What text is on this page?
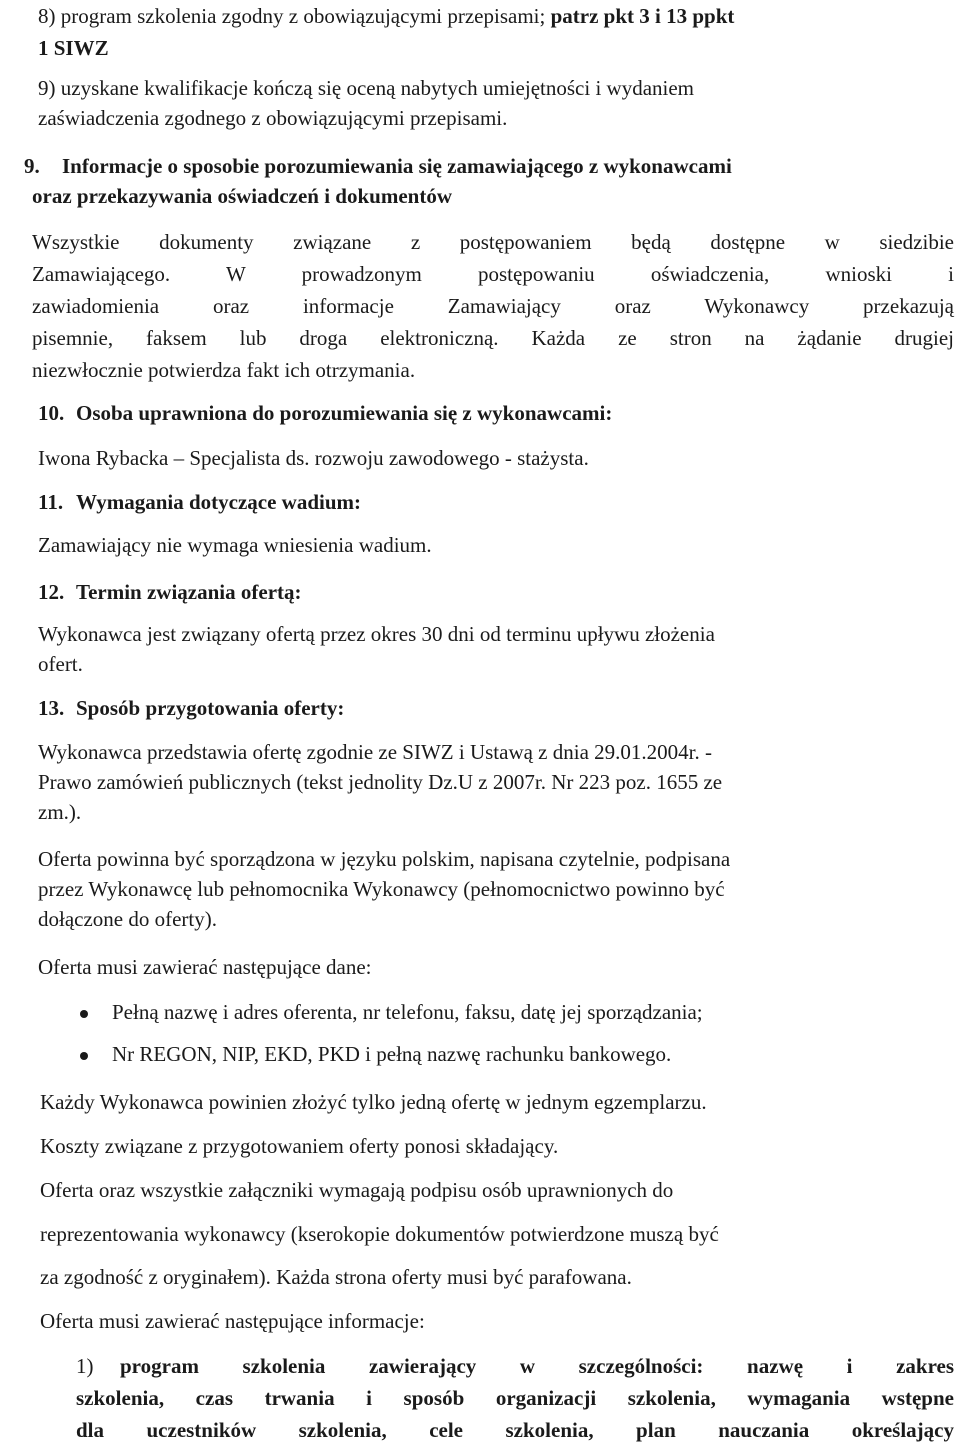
8) program szkolenia zgodny z obowiązującymi przepisami; patrz pkt 3 i 13 ppkt
1 SIWZ
9) uzyskane kwalifikacje kończą się oceną nabytych umiejętności i wydaniem
zaświadczenia zgodnego z obowiązującymi przepisami.
9. Informacje o sposobie porozumiewania się zamawiającego z wykonawcami
oraz przekazywania oświadczeń i dokumentów
Wszystkie dokumenty związane z postępowaniem będą dostępne w siedzibie
Zamawiającego. W prowadzonym postępowaniu oświadczenia, wnioski i
zawiadomienia oraz informacje Zamawiający oraz Wykonawcy przekazują
pisemnie, faksem lub droga elektroniczną. Każda ze stron na żądanie drugiej
niezwłocznie potwierdza fakt ich otrzymania.
10. Osoba uprawniona do porozumiewania się z wykonawcami:
Iwona Rybacka – Specjalista ds. rozwoju zawodowego - stażysta.
11. Wymagania dotyczące wadium:
Zamawiający nie wymaga wniesienia wadium.
12. Termin związania ofertą:
Wykonawca jest związany ofertą przez okres 30 dni od terminu upływu złożenia
ofert.
13. Sposób przygotowania oferty:
Wykonawca przedstawia ofertę zgodnie ze SIWZ i Ustawą z dnia 29.01.2004r. -
Prawo zamówień publicznych (tekst jednolity Dz.U z 2007r. Nr 223 poz. 1655 ze
zm.).
Oferta powinna być sporządzona w języku polskim, napisana czytelnie, podpisana
przez Wykonawcę lub pełnomocnika Wykonawcy (pełnomocnictwo powinno być
dołączone do oferty).
Oferta musi zawierać następujące dane:
Pełną nazwę i adres oferenta, nr telefonu, faksu, datę jej sporządzania;
Nr REGON, NIP, EKD, PKD i pełną nazwę rachunku bankowego.
Każdy Wykonawca powinien złożyć tylko jedną ofertę w jednym egzemplarzu.
Koszty związane z przygotowaniem oferty ponosi składający.
Oferta oraz wszystkie załączniki wymagają podpisu osób uprawnionych do
reprezentowania wykonawcy (kserokopie dokumentów potwierdzone muszą być
za zgodność z oryginałem). Każda strona oferty musi być parafowana.
Oferta musi zawierać następujące informacje:
1) program szkolenia zawierający w szczególności: nazwę i zakres
szkolenia, czas trwania i sposób organizacji szkolenia, wymagania wstępne
dla uczestników szkolenia, cele szkolenia, plan nauczania określający
